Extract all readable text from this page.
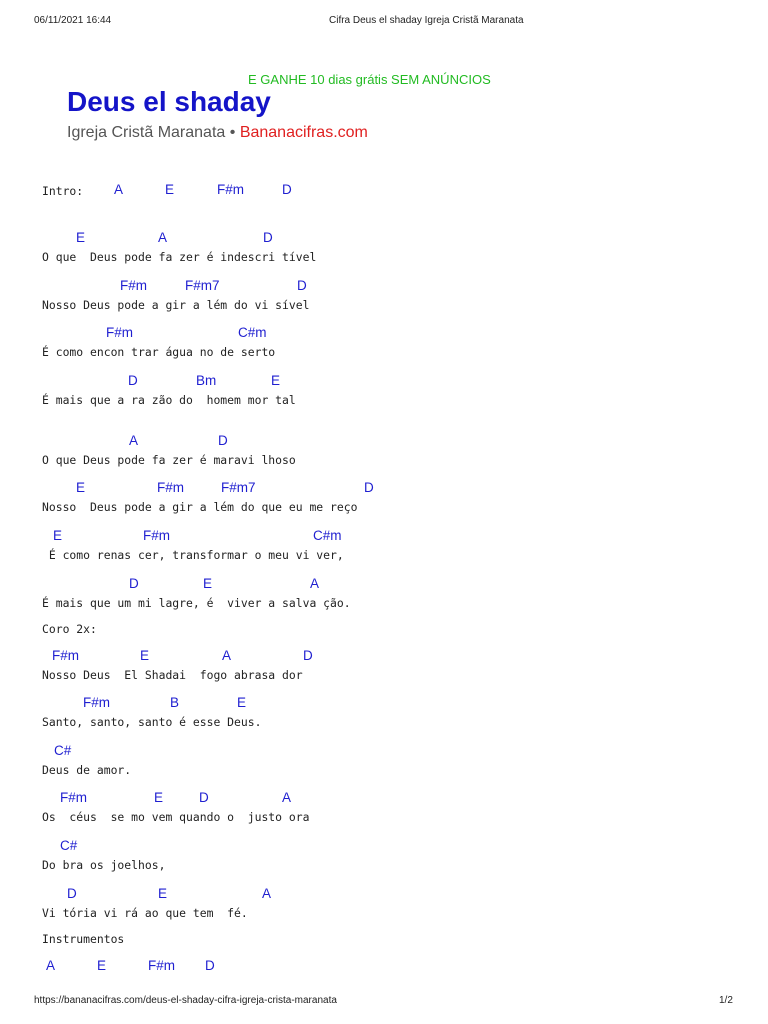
06/11/2021 16:44	Cifra Deus el shaday Igreja Cristã Maranata
E GANHE 10 dias grátis SEM ANÚNCIOS
Deus el shaday
Igreja Cristã Maranata • Bananacifras.com
Intro: A	E	F#m	D
E	A	D
O que  Deus pode fa zer é indescri tível
F#m	F#m7	D
Nosso Deus pode a gir a lém do vi sível
F#m	C#m
É como encon trar água no de serto
D	Bm	E
É mais que a ra zão do  homem mor tal
A	D
O que Deus pode fa zer é maravi lhoso
E	F#m	F#m7	D
Nosso  Deus pode a gir a lém do que eu me reço
E	F#m	C#m
É como renas cer, transformar o meu vi ver,
D	E	A
É mais que um mi lagre, é  viver a salva ção.
Coro 2x:
F#m	E	A	D
Nosso Deus  El Shadai  fogo abrasa dor
F#m	B	E
Santo, santo, santo é esse Deus.
C#
Deus de amor.
F#m	E	D	A
Os  céus  se mo vem quando o  justo ora
C#
Do bra os joelhos,
D	E	A
Vi tória vi rá ao que tem  fé.
Instrumentos
A	E	F#m D
https://bananacifras.com/deus-el-shaday-cifra-igreja-crista-maranata	1/2
